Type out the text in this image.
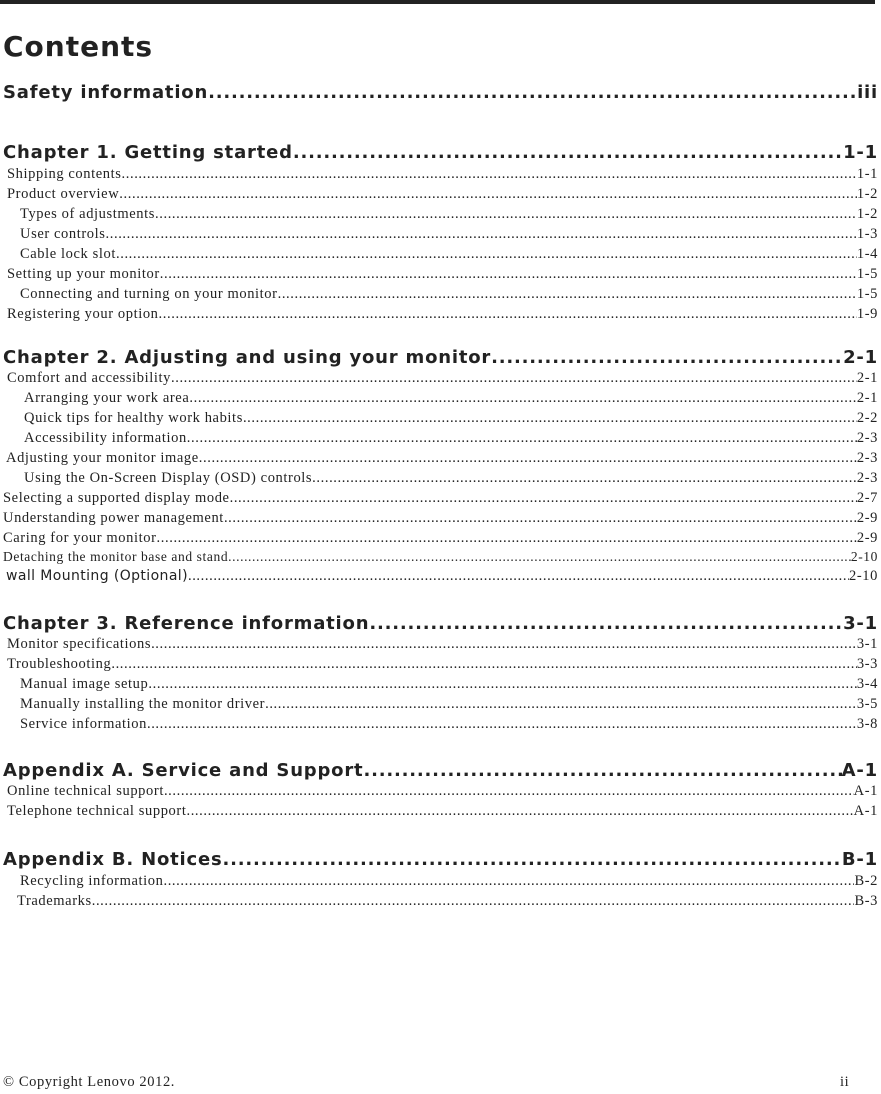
Contents
Safety information .....	iii
Chapter 1. Getting started .....	1-1
Shipping contents .....	1-1
Product overview .....	1-2
Types of adjustments .....	1-2
User controls .....	1-3
Cable lock slot .....	1-4
Setting up your monitor .....	1-5
Connecting and turning on your monitor .....	1-5
Registering your option .....	1-9
Chapter 2. Adjusting and using your monitor .....	2-1
Comfort and accessibility .....	2-1
Arranging your work area .....	2-1
Quick tips for healthy work habits .....	2-2
Accessibility information .....	2-3
Adjusting your monitor image .....	2-3
Using the On-Screen Display (OSD) controls .....	2-3
Selecting a supported display mode .....	2-7
Understanding power management .....	2-9
Caring for your monitor .....	2-9
Detaching the monitor base and stand .....	2-10
wall Mounting (Optional) .....	2-10
Chapter 3. Reference information .....	3-1
Monitor specifications .....	3-1
Troubleshooting .....	3-3
Manual image setup .....	3-4
Manually installing the monitor driver .....	3-5
Service information .....	3-8
Appendix A. Service and Support .....	A-1
Online technical support .....	A-1
Telephone technical support .....	A-1
Appendix B. Notices .....	B-1
Recycling information .....	B-2
Trademarks .....	B-3
© Copyright Lenovo 2012.	ii
